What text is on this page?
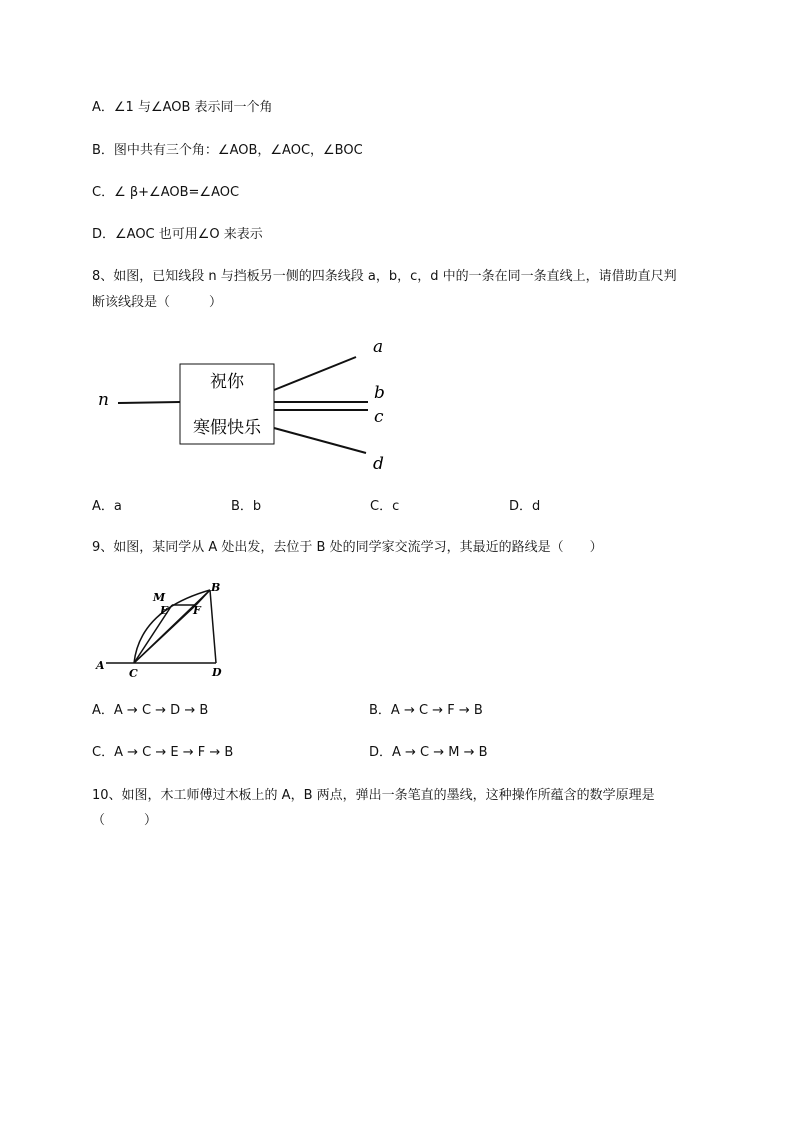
A．∠1 与∠AOB 表示同一个角
B．图中共有三个角：∠AOB，∠AOC，∠BOC
C．∠ β+∠AOB=∠AOC
D．∠AOC 也可用∠O 来表示
8、如图，已知线段 n 与挡板另一侧的四条线段 a，b，c，d 中的一条在同一条直线上，请借助直尺判
断该线段是（　　　）
祝你
寒假快乐
n
a
b
c
d
A．a	B．b	C．c	D．d
9、如图，某同学从 A 处出发，去位于 B 处的同学家交流学习，其最近的路线是（　　）
A
C	D
B
M
E F
A．A → C → D → B	B．A → C → F → B
C．A → C → E → F → B	D．A → C → M → B
10、如图，木工师傅过木板上的 A，B 两点，弹出一条笔直的墨线，这种操作所蕴含的数学原理是
（　　　）
